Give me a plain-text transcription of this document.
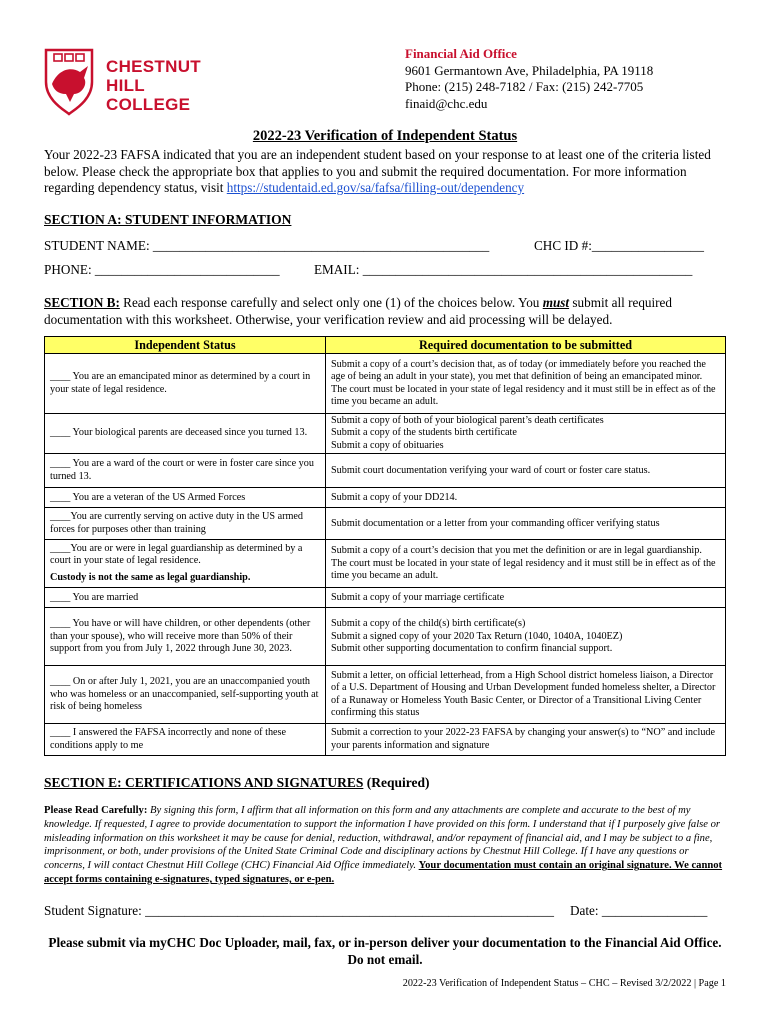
CHESTNUT
HILL
COLLEGE
Financial Aid Office
9601 Germantown Ave, Philadelphia, PA 19118
Phone: (215) 248-7182 / Fax: (215) 242-7705
finaid@chc.edu
2022-23 Verification of Independent Status
Your 2022-23 FAFSA indicated that you are an independent student based on your response to at least one of the criteria listed below. Please check the appropriate box that applies to you and submit the required documentation. For more information regarding dependency status, visit https://studentaid.ed.gov/sa/fafsa/filling-out/dependency
SECTION A: STUDENT INFORMATION
STUDENT NAME: ___________________________________________________	CHC ID #:_________________
PHONE: ____________________________	EMAIL: __________________________________________________
SECTION B: Read each response carefully and select only one (1) of the choices below. You must submit all required documentation with this worksheet. Otherwise, your verification review and aid processing will be delayed.
Independent Status	Required documentation to be submitted
____ You are an emancipated minor as determined by a court in your state of legal residence.	Submit a copy of a court’s decision that, as of today (or immediately before you reached the age of being an adult in your state), you met that definition of being an emancipated minor. The court must be located in your state of legal residency and it must still be in effect as of the time you became an adult.
____ Your biological parents are deceased since you turned 13.	Submit a copy of both of your biological parent’s death certificates
Submit a copy of the students birth certificate
Submit a copy of obituaries
____ You are a ward of the court or were in foster care since you turned 13.	Submit court documentation verifying your ward of court or foster care status.
____ You are a veteran of the US Armed Forces	Submit a copy of your DD214.
____You are currently serving on active duty in the US armed forces for purposes other than training	Submit documentation or a letter from your commanding officer verifying status
____You are or were in legal guardianship as determined by a court in your state of legal residence.
Custody is not the same as legal guardianship.	Submit a copy of a court’s decision that you met the definition or are in legal guardianship. The court must be located in your state of legal residency and it must still be in effect as of the time you became an adult.
____ You are married	Submit a copy of your marriage certificate
____ You have or will have children, or other dependents (other than your spouse), who will receive more than 50% of their support from you from July 1, 2022 through June 30, 2023.	Submit a copy of the child(s) birth certificate(s)
Submit a signed copy of your 2020 Tax Return (1040, 1040A, 1040EZ)
Submit other supporting documentation to confirm financial support.
____ On or after July 1, 2021, you are an unaccompanied youth who was homeless or an unaccompanied, self-supporting youth at risk of being homeless	Submit a letter, on official letterhead, from a High School district homeless liaison, a Director of a U.S. Department of Housing and Urban Development funded homeless shelter, a Director of a Runaway or Homeless Youth Basic Center, or Director of a Transitional Living Center confirming this status
____ I answered the FAFSA incorrectly and none of these conditions apply to me	Submit a correction to your 2022-23 FAFSA by changing your answer(s) to “NO” and include your parents information and signature
SECTION E: CERTIFICATIONS AND SIGNATURES (Required)
Please Read Carefully: By signing this form, I affirm that all information on this form and any attachments are complete and accurate to the best of my knowledge. If requested, I agree to provide documentation to support the information I have provided on this form. I understand that if I purposely give false or misleading information on this worksheet it may be cause for denial, reduction, withdrawal, and/or repayment of financial aid, and I may be subject to a fine, imprisonment, or both, under provisions of the United State Criminal Code and disciplinary actions by Chestnut Hill College. If I have any questions or concerns, I will contact Chestnut Hill College (CHC) Financial Aid Office immediately. Your documentation must contain an original signature. We cannot accept forms containing e-signatures, typed signatures, or e-pen.
Student Signature: ______________________________________________________________ Date: ________________
Please submit via myCHC Doc Uploader, mail, fax, or in-person deliver your documentation to the Financial Aid Office. Do not email.
2022-23 Verification of Independent Status – CHC – Revised 3/2/2022 | Page 1
